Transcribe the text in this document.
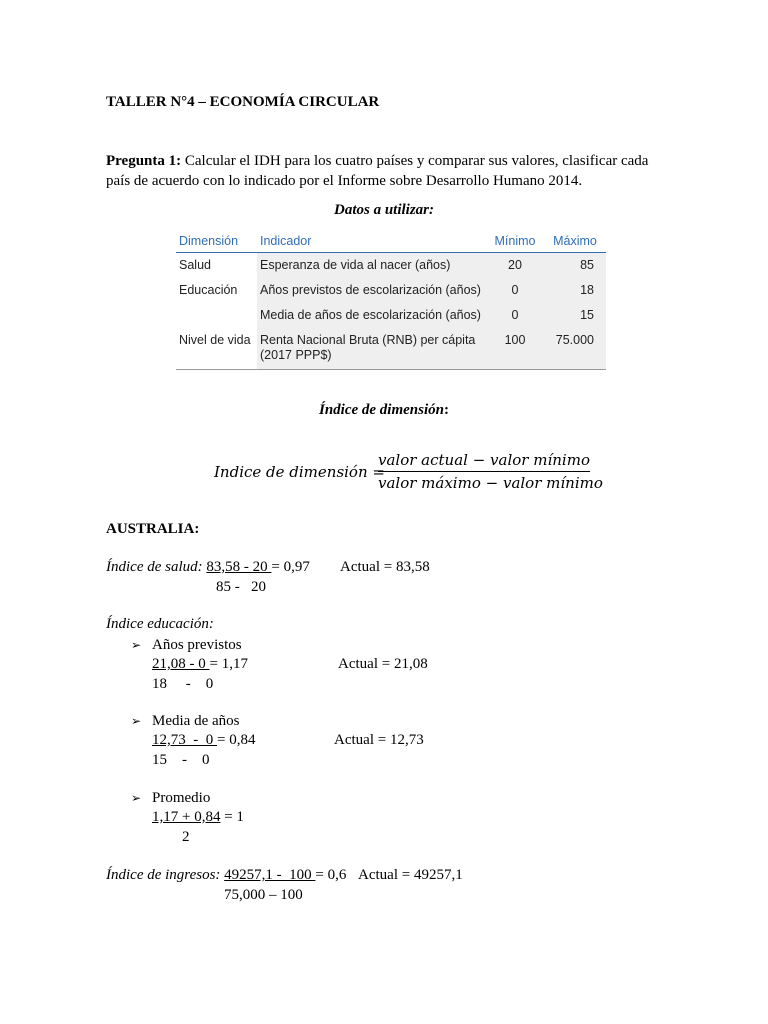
TALLER N°4 – ECONOMÍA CIRCULAR
Pregunta 1: Calcular el IDH para los cuatro países y comparar sus valores, clasificar cada país de acuerdo con lo indicado por el Informe sobre Desarrollo Humano 2014.
Datos a utilizar:
Dimensión	Indicador	Mínimo	Máximo
Salud	Esperanza de vida al nacer (años)	20	85
Educación	Años previstos de escolarización (años)	0	18
	Media de años de escolarización (años)	0	15
Nivel de vida	Renta Nacional Bruta (RNB) per cápita (2017 PPP$)	100	75.000
Índice de dimensión:
Indice de dimensión =
valor actual − valor mínimo
valor máximo − valor mínimo
AUSTRALIA:
Índice de salud: 83,58 - 20 = 0,97 Actual = 83,58
85 -   20
Índice educación:
➢ Años previstos
21,08 - 0 = 1,17	Actual = 21,08
18     -    0
➢ Media de años
12,73  -  0 = 0,84	Actual = 12,73
15    -    0
➢ Promedio
1,17 + 0,84 = 1
2
Índice de ingresos: 49257,1 -  100 = 0,6 Actual = 49257,1
75,000 – 100
